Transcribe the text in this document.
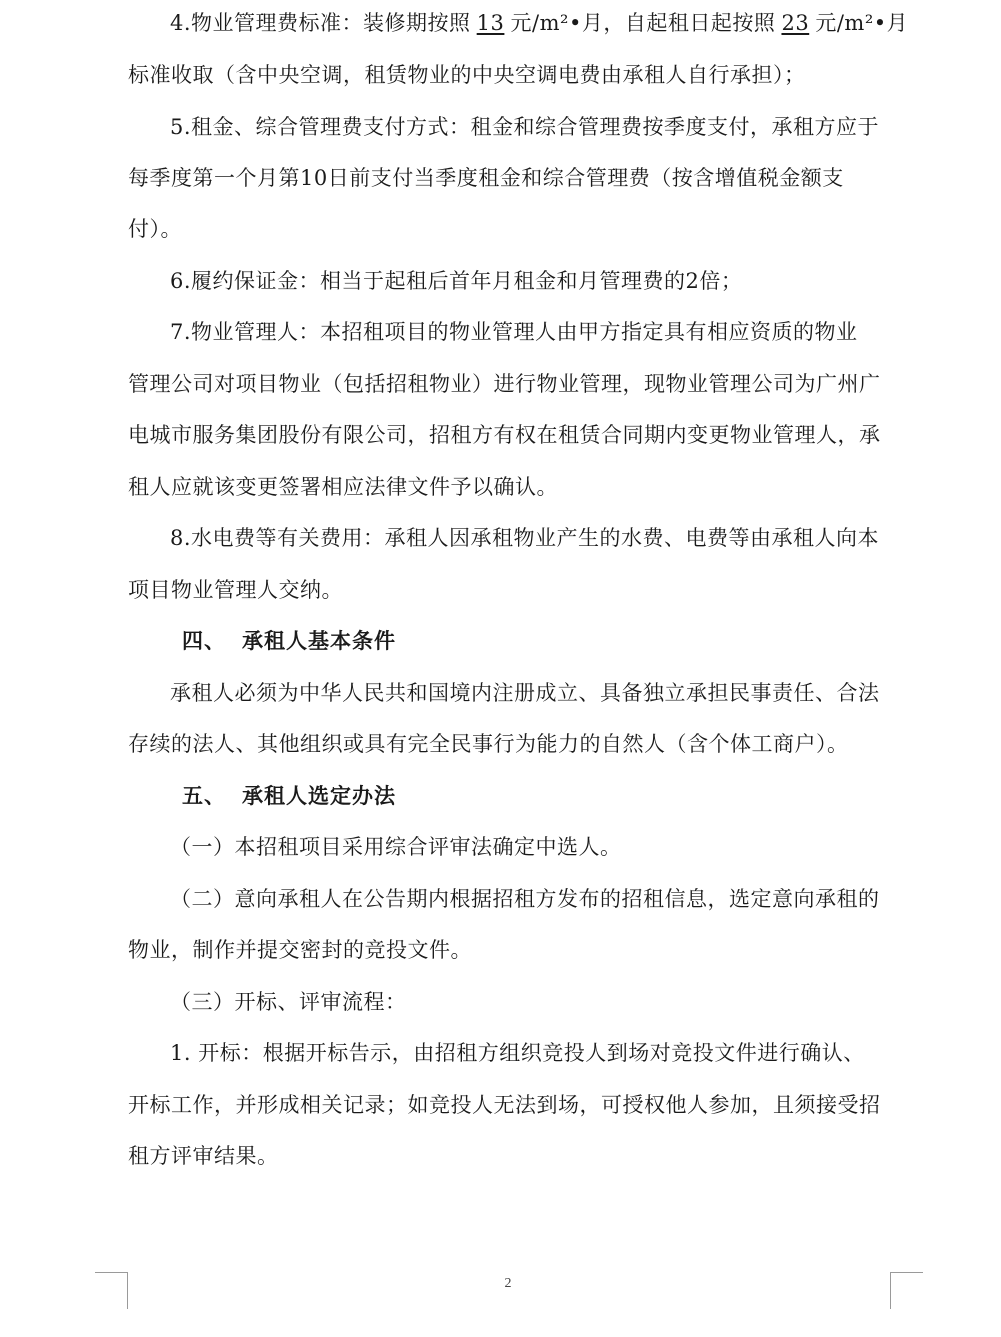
4.物业管理费标准：装修期按照 13 元/m²•月，自起租日起按照 23 元/m²•月
标准收取（含中央空调，租赁物业的中央空调电费由承租人自行承担）；
5.租金、综合管理费支付方式：租金和综合管理费按季度支付，承租方应于
每季度第一个月第10日前支付当季度租金和综合管理费（按含增值税金额支
付）。
6.履约保证金：相当于起租后首年月租金和月管理费的2倍；
7.物业管理人：本招租项目的物业管理人由甲方指定具有相应资质的物业
管理公司对项目物业（包括招租物业）进行物业管理，现物业管理公司为广州广
电城市服务集团股份有限公司，招租方有权在租赁合同期内变更物业管理人，承
租人应就该变更签署相应法律文件予以确认。
8.水电费等有关费用：承租人因承租物业产生的水费、电费等由承租人向本
项目物业管理人交纳。
四、 承租人基本条件
承租人必须为中华人民共和国境内注册成立、具备独立承担民事责任、合法
存续的法人、其他组织或具有完全民事行为能力的自然人（含个体工商户）。
五、 承租人选定办法
（一）本招租项目采用综合评审法确定中选人。
（二）意向承租人在公告期内根据招租方发布的招租信息，选定意向承租的
物业，制作并提交密封的竞投文件。
（三）开标、评审流程：
1. 开标：根据开标告示，由招租方组织竞投人到场对竞投文件进行确认、
开标工作，并形成相关记录；如竞投人无法到场，可授权他人参加，且须接受招
租方评审结果。
2
